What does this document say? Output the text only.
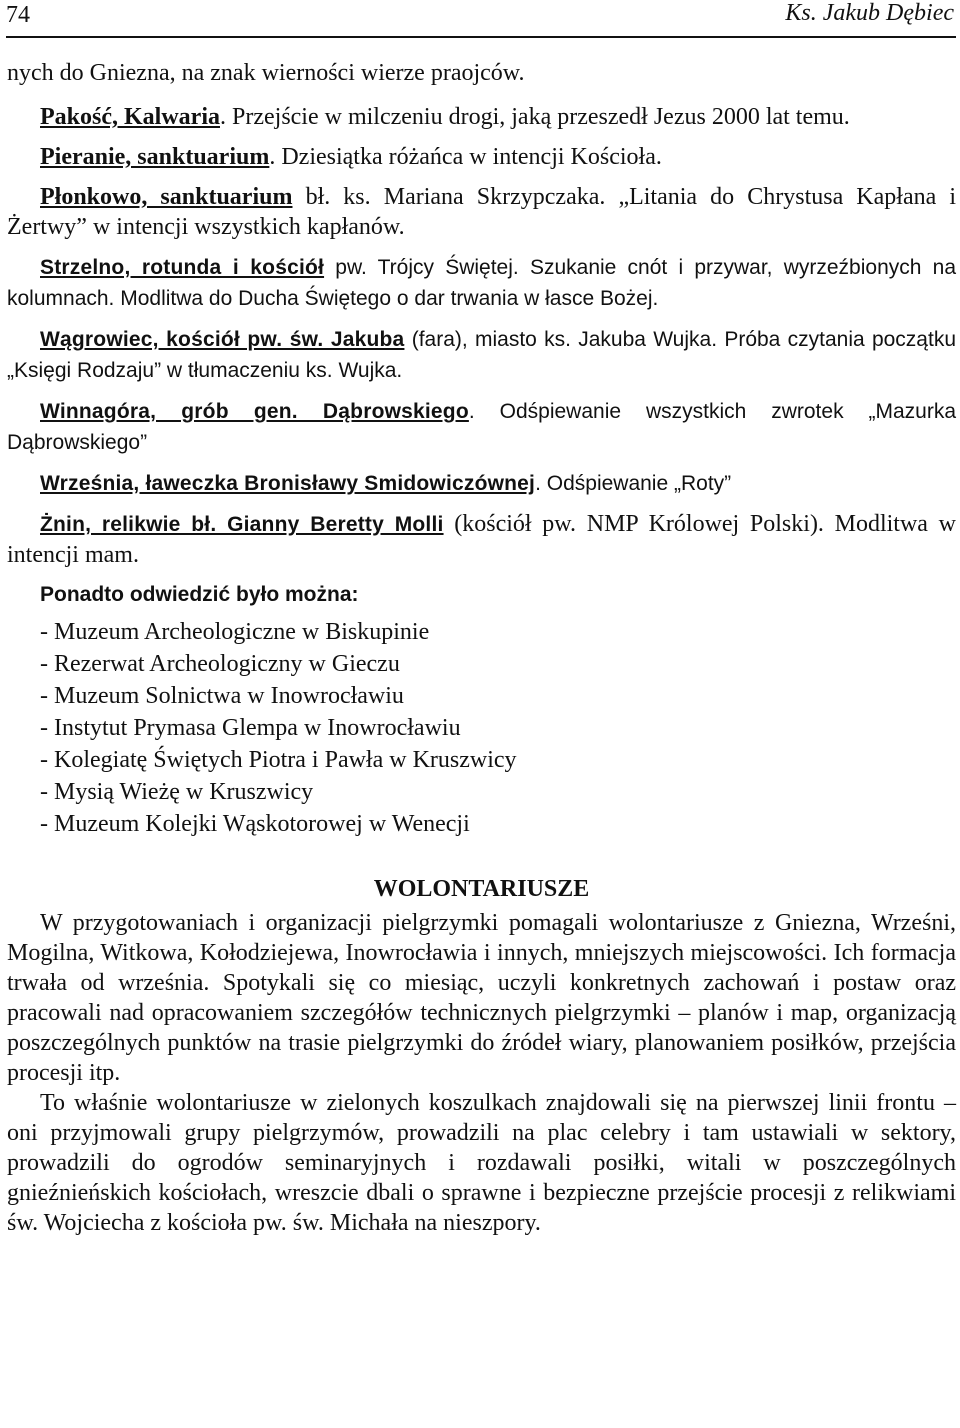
74	Ks. Jakub Dębiec

nych do Gniezna, na znak wierności wierze praojców.

Pakość, Kalwaria. Przejście w milczeniu drogi, jaką przeszedł Jezus 2000 lat temu.

Pieranie, sanktuarium. Dziesiątka różańca w intencji Kościoła.

Płonkowo, sanktuarium bł. ks. Mariana Skrzypczaka. „Litania do Chrystusa Kapłana i Żertwy” w intencji wszystkich kapłanów.

Strzelno, rotunda i kościół pw. Trójcy Świętej. Szukanie cnót i przywar, wyrzeźbionych na kolumnach. Modlitwa do Ducha Świętego o dar trwania w łasce Bożej.

Wągrowiec, kościół pw. św. Jakuba (fara), miasto ks. Jakuba Wujka. Próba czytania początku „Księgi Rodzaju” w tłumaczeniu ks. Wujka.

Winnagóra, grób gen. Dąbrowskiego. Odśpiewanie wszystkich zwrotek „Mazurka Dąbrowskiego”

Września, ławeczka Bronisławy Smidowiczównej. Odśpiewanie „Roty”

Żnin, relikwie bł. Gianny Beretty Molli (kościół pw. NMP Królowej Polski). Modlitwa w intencji mam.

Ponadto odwiedzić było można:

- Muzeum Archeologiczne w Biskupinie
- Rezerwat Archeologiczny w Gieczu
- Muzeum Solnictwa w Inowrocławiu
- Instytut Prymasa Glempa w Inowrocławiu
- Kolegiatę Świętych Piotra i Pawła w Kruszwicy
- Mysią Wieżę w Kruszwicy
- Muzeum Kolejki Wąskotorowej w Wenecji

WOLONTARIUSZE

W przygotowaniach i organizacji pielgrzymki pomagali wolontariusze z Gniezna, Wrześni, Mogilna, Witkowa, Kołodziejewa, Inowrocławia i innych, mniejszych miejscowości. Ich formacja trwała od września. Spotykali się co miesiąc, uczyli konkretnych zachowań i postaw oraz pracowali nad opracowaniem szczegółów technicznych pielgrzymki – planów i map, organizacją poszczególnych punktów na trasie pielgrzymki do źródeł wiary, planowaniem posiłków, przejścia procesji itp.

To właśnie wolontariusze w zielonych koszulkach znajdowali się na pierwszej linii frontu – oni przyjmowali grupy pielgrzymów, prowadzili na plac celebry i tam ustawiali w sektory, prowadzili do ogrodów seminaryjnych i rozdawali posiłki, witali w poszczególnych gnieźnieńskich kościołach, wreszcie dbali o sprawne i bezpieczne przejście procesji z relikwiami św. Wojciecha z kościoła pw. św. Michała na nieszpory.
